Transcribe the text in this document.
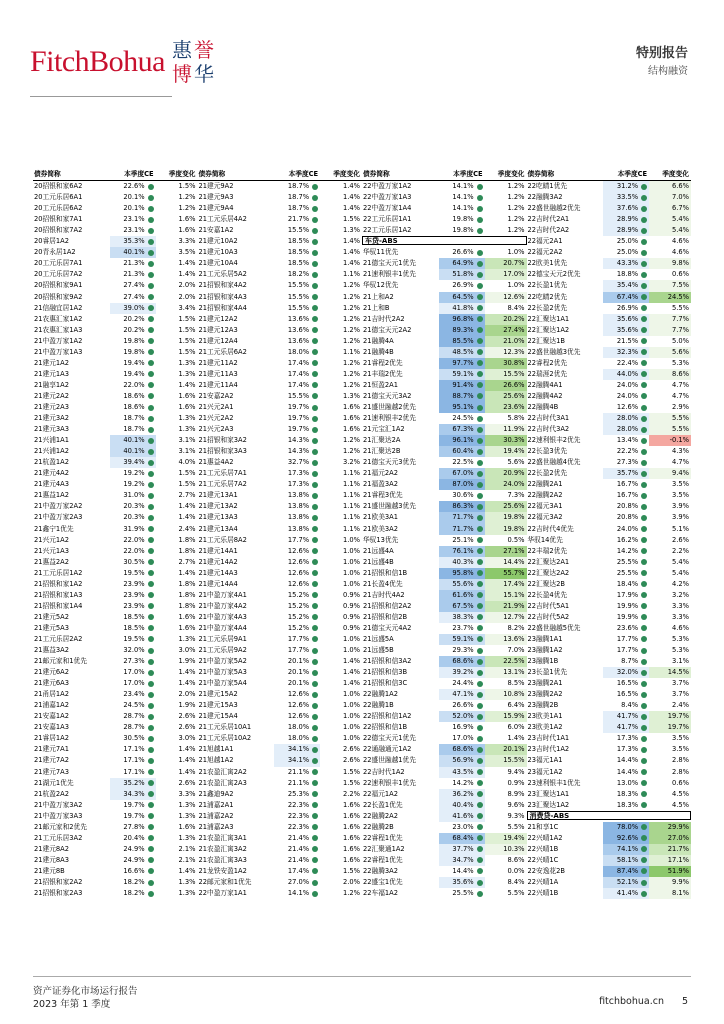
FitchBohua 惠 誉
博 华
特别报告
结构融资
债券简称	本季度CE	季度变化
20招银和家6A2	22.6%	1.5%
20工元乐居6A1	20.1%	1.2%
20工元乐居6A2	20.1%	1.2%
20招银和家7A1	23.1%	1.6%
20招银和家7A2	23.1%	1.6%
20睿居1A2	35.3%	3.3%
20青永居1A2	40.1%	3.5%
20工元乐居7A1	21.3%	1.4%
20工元乐居7A2	21.3%	1.4%
20招银和家9A1	27.4%	2.0%
20招银和家9A2	27.4%	2.0%
21信融宜居1A2	39.0%	3.4%
21农惠汇家1A2	20.2%	1.5%
21农惠汇家1A3	20.2%	1.5%
21中盈万家1A2	19.8%	1.5%
21中盈万家1A3	19.8%	1.5%
21建元1A2	19.4%	1.3%
21建元1A3	19.4%	1.3%
21融享1A2	22.0%	1.4%
21建元2A2	18.6%	1.6%
21建元2A3	18.6%	1.6%
21建元3A2	18.7%	1.3%
21建元3A3	18.7%	1.3%
21兴浦1A1	40.1%	3.1%
21兴浦1A2	40.1%	3.1%
21杭盈1A2	39.4%	4.0%
21建元4A2	19.2%	1.5%
21建元4A3	19.2%	1.5%
21惠益1A2	31.0%	2.7%
21中盈万家2A2	20.3%	1.4%
21中盈万家2A3	20.3%	1.4%
21鑫宁1优先	31.9%	2.4%
21兴元1A2	22.0%	1.8%
21兴元1A3	22.0%	1.8%
21惠益2A2	30.5%	2.7%
21工元乐居1A2	19.5%	1.4%
21招银和家1A2	23.9%	1.8%
21招银和家1A3	23.9%	1.8%
21招银和家1A4	23.9%	1.8%
21建元5A2	18.5%	1.6%
21建元5A3	18.5%	1.6%
21工元乐居2A2	19.5%	1.3%
21惠益3A2	32.0%	3.0%
21邮元家和1优先	27.3%	1.9%
21建元6A2	17.0%	1.4%
21建元6A3	17.0%	1.4%
21甬居1A2	23.4%	2.0%
21浦嘉1A2	24.5%	1.9%
21安嘉1A2	28.7%	2.6%
21安嘉1A3	28.7%	2.6%
21睿居1A2	30.5%	3.0%
21建元7A1	17.1%	1.4%
21建元7A2	17.1%	1.4%
21建元7A3	17.1%	1.4%
21湖元1优先	35.2%	2.6%
21杭盈2A2	34.3%	3.3%
21中盈万家3A2	19.7%	1.3%
21中盈万家3A3	19.7%	1.3%
21邮元家和2优先	27.8%	1.6%
21工元乐居3A2	20.4%	1.3%
21建元8A2	24.9%	2.1%
21建元8A3	24.9%	2.1%
21建元8B	16.6%	1.4%
21招银和家2A2	18.2%	1.3%
21招银和家2A3	18.2%	1.3%
债券简称	本季度CE	季度变化
21建元9A2	18.7%	1.4%
21建元9A3	18.7%	1.4%
21建元9A4	18.7%	1.4%
21工元乐居4A2	21.7%	1.5%
21安嘉1A2	15.5%	1.3%
21建元10A2	18.5%	1.4%
21建元10A3	18.5%	1.4%
21建元10A4	18.5%	1.4%
21工元乐居5A2	18.2%	1.1%
21招银和家4A2	15.5%	1.2%
21招银和家4A3	15.5%	1.2%
21招银和家4A4	15.5%	1.2%
21建元12A2	13.6%	1.2%
21建元12A3	13.6%	1.2%
21建元12A4	13.6%	1.2%
21工元乐居6A2	18.0%	1.1%
21建元11A2	17.4%	1.2%
21建元11A3	17.4%	1.2%
21建元11A4	17.4%	1.2%
21安嘉2A2	15.5%	1.3%
21兴元2A1	19.7%	1.6%
21兴元2A2	19.7%	1.6%
21兴元2A3	19.7%	1.6%
21招银和家3A2	14.3%	1.2%
21招银和家3A3	14.3%	1.2%
21惠益4A2	32.7%	3.2%
21工元乐居7A1	17.3%	1.1%
21工元乐居7A2	17.3%	1.1%
21建元13A1	13.8%	1.1%
21建元13A2	13.8%	1.1%
21建元13A3	13.8%	1.1%
21建元13A4	13.8%	1.1%
21工元乐居8A2	17.7%	1.0%
21建元14A1	12.6%	1.0%
21建元14A2	12.6%	1.0%
21建元14A3	12.6%	1.0%
21建元14A4	12.6%	1.0%
21中盈万家4A1	15.2%	0.9%
21中盈万家4A2	15.2%	0.9%
21中盈万家4A3	15.2%	0.9%
21中盈万家4A4	15.2%	0.9%
21工元乐居9A1	17.7%	1.0%
21工元乐居9A2	17.7%	1.0%
21中盈万家5A2	20.1%	1.4%
21中盈万家5A3	20.1%	1.4%
21中盈万家5A4	20.1%	1.4%
21建元15A2	12.6%	1.0%
21建元15A3	12.6%	1.0%
21建元15A4	12.6%	1.0%
21工元乐居10A1	18.0%	1.0%
21工元乐居10A2	18.0%	1.0%
21旭越1A1	34.1%	2.6%
21旭越1A2	34.1%	2.6%
21农盈汇寓2A2	21.1%	1.5%
21农盈汇寓2A3	21.1%	1.5%
21鑫迪9A2	25.3%	2.2%
21浦嘉2A1	22.3%	1.6%
21浦嘉2A2	22.3%	1.6%
21浦嘉2A3	22.3%	1.6%
21农盈汇寓3A1	21.4%	1.6%
21农盈汇寓3A2	21.4%	1.6%
21农盈汇寓3A3	21.4%	1.6%
21龙铁安盈1A2	17.4%	1.5%
22邮元家和1优先	27.0%	2.0%
22中盈万家1A1	14.1%	1.2%
债券简称	本季度CE	季度变化
22中盈万家1A2	14.1%	1.2%
22中盈万家1A3	14.1%	1.2%
22中盈万家1A4	14.1%	1.2%
22工元乐居1A1	19.8%	1.2%
22工元乐居1A2	19.8%	1.2%
车贷-ABS
华驭11优先	26.6%	1.0%
21德宝天元1优先	64.9%	20.7%
21速利银丰1优先	51.8%	17.0%
华驭12优先	26.9%	1.0%
21上和A2	64.5%	12.6%
21上和B	41.8%	8.4%
21吉时代2A2	96.8%	20.2%
21德宝天元2A2	89.3%	27.4%
21融腾4A	85.5%	21.0%
21融腾4B	48.5%	12.3%
21睿程2优先	97.7%	30.8%
21丰瑞2优先	59.1%	15.5%
21恒盈2A1	91.4%	26.6%
21德宝天元3A2	88.7%	25.6%
21盛世融越2优先	95.1%	23.6%
21速利银丰2优先	24.5%	5.8%
21元宝汇1A2	67.3%	11.9%
21汇聚达2A	96.1%	30.3%
21汇聚达2B	60.4%	19.4%
21德宝天元3优先	22.5%	5.6%
21福元2A2	67.0%	20.9%
21福盈3A2	87.0%	24.0%
21睿程3优先	30.6%	7.3%
21盛世融越3优先	86.3%	25.6%
21欧美3A1	71.7%	19.8%
21欧美3A2	71.7%	19.8%
华驭13优先	25.1%	0.5%
21远盛4A	76.1%	27.1%
21远盛4B	40.3%	14.4%
21招银和信1B	95.8%	55.7%
21长盈4优先	55.6%	17.4%
21吉时代4A2	61.6%	15.1%
21招银和信2A2	67.5%	21.9%
21招银和信2B	38.3%	12.7%
21德宝天元4A2	23.7%	8.2%
21远盛5A	59.1%	13.6%
21远盛5B	29.3%	7.0%
21招银和信3A2	68.6%	22.5%
21招银和信3B	39.2%	13.1%
21招银和信3C	24.4%	8.5%
22融腾1A2	47.1%	10.8%
22融腾1B	26.6%	6.4%
22招银和信1A2	52.0%	15.9%
22招银和信1B	16.9%	6.0%
22德宝天元1优先	17.0%	1.4%
22通融通元1A2	68.6%	20.1%
22盛世融越1优先	56.9%	15.5%
22吉时代1A2	43.5%	9.4%
22速利银丰1优先	14.2%	0.9%
22福元1A2	36.2%	8.9%
22长盈1优先	40.4%	9.6%
22融腾2A2	41.6%	9.3%
22融腾2B	23.0%	5.5%
22睿程1优先	68.4%	19.4%
22汇聚通1A2	37.7%	10.3%
22睿程1优先	34.7%	8.6%
22融腾3A2	14.4%	0.0%
22盛宝1优先	35.6%	8.4%
22车福1A2	25.5%	5.5%
债券简称	本季度CE	季度变化
22吃睛1优先	31.2%	6.6%
22融腾3A2	33.5%	7.0%
22盛世融越2优先	37.6%	6.7%
22吉时代2A1	28.9%	5.4%
22吉时代2A2	28.9%	5.4%
22福元2A1	25.0%	4.6%
22福元2A2	25.0%	4.6%
22欧美1优先	43.3%	9.8%
22德宝天元2优先	18.8%	0.6%
22长盈1优先	35.4%	7.5%
22吃睛2优先	67.4%	24.5%
22长盈2优先	26.9%	5.5%
22汇聚达1A1	35.6%	7.7%
22汇聚达1A2	35.6%	7.7%
22汇聚达1B	21.5%	5.0%
22盛世融越3优先	32.3%	5.6%
22睿程2优先	22.4%	5.3%
22瑞涯2优先	44.0%	8.6%
22融腾4A1	24.0%	4.7%
22融腾4A2	24.0%	4.7%
22融腾4B	12.6%	2.9%
22吉时代3A1	28.0%	5.5%
22吉时代3A2	28.0%	5.5%
22速利银丰2优先	13.4%	-0.1%
22长盈3优先	22.2%	4.3%
22盛世融越4优先	27.3%	4.7%
22长盈2优先	35.7%	9.4%
22融腾2A1	16.7%	3.5%
22融腾2A2	16.7%	3.5%
22福元3A1	20.8%	3.9%
22福元3A2	20.8%	3.9%
22吉时代4优先	24.0%	5.1%
华驭14优先	16.2%	2.6%
22丰瑞2优先	14.2%	2.2%
22汇聚达2A1	25.5%	5.4%
22汇聚达2A2	25.5%	5.4%
22汇聚达2B	18.4%	4.2%
22长盈4优先	17.9%	3.2%
22吉时代5A1	19.9%	3.3%
22吉时代5A2	19.9%	3.3%
22盛世融越5优先	23.6%	4.6%
23融腾1A1	17.7%	5.3%
23融腾1A2	17.7%	5.3%
23融腾1B	8.7%	3.1%
23长盈1优先	32.0%	14.5%
23融腾2A1	16.5%	3.7%
23融腾2A2	16.5%	3.7%
23融腾2B	8.4%	2.4%
23欧美1A1	41.7%	19.7%
23欧美1A2	41.7%	19.7%
23吉时代1A1	17.3%	3.5%
23吉时代1A2	17.3%	3.5%
23福元1A1	14.4%	2.8%
23福元1A2	14.4%	2.8%
23速利银丰1优先	13.0%	0.6%
23汇聚达1A1	18.3%	4.5%
23汇聚达1A2	18.3%	4.5%
消费贷-ABS
21和享1C	78.0%	29.9%
22兴晴1A2	92.6%	27.0%
22兴晴1B	74.1%	21.7%
22兴晴1C	58.1%	17.1%
22安逸花2B	87.4%	51.9%
22兴晴1A	52.1%	9.9%
22兴晴1B	41.4%	8.1%
资产证券化市场运行报告
2023 年第 1 季度	fitchbohua.cn 5
